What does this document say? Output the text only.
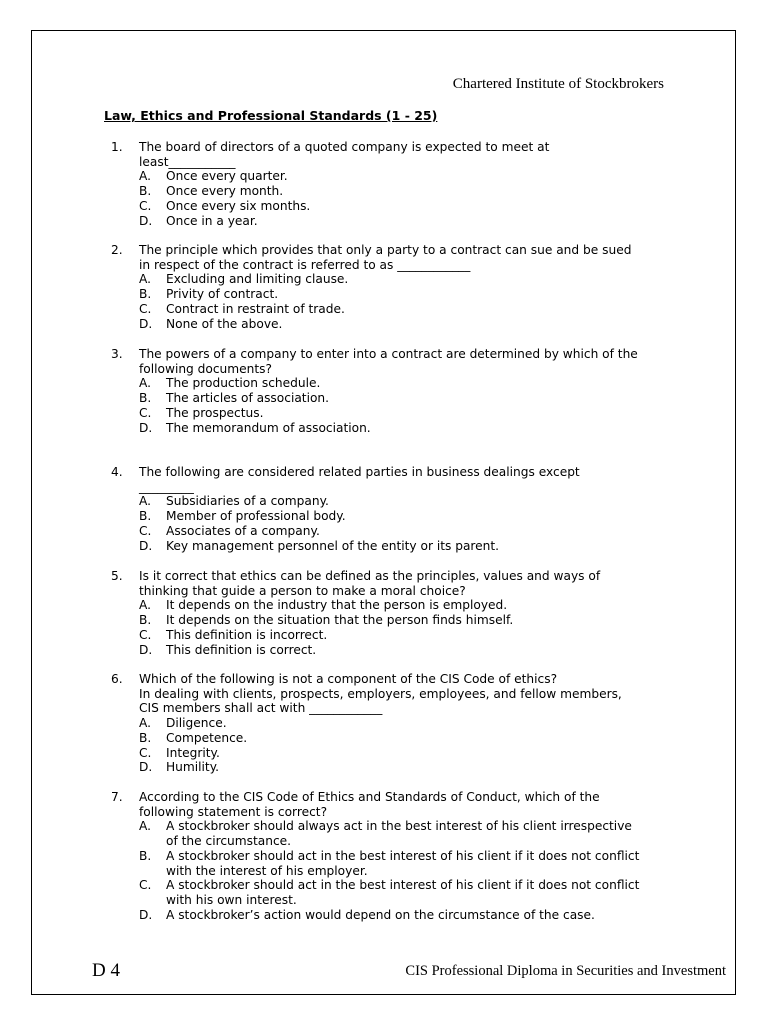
Chartered Institute of Stockbrokers
Law, Ethics and Professional Standards (1 - 25)
1.	The board of directors of a quoted company is expected to meet at
least___________
A.	Once every quarter.
B.	Once every month.
C.	Once every six months.
D.	Once in a year.
2.	The principle which provides that only a party to a contract can sue and be sued
in respect of the contract is referred to as ____________
A.	Excluding and limiting clause.
B.	Privity of contract.
C.	Contract in restraint of trade.
D.	None of the above.
3.	The powers of a company to enter into a contract are determined by which of the
following documents?
A.	The production schedule.
B.	The articles of association.
C.	The prospectus.
D.	The memorandum of association.
4.	The following are considered related parties in business dealings except
_________
A.	Subsidiaries of a company.
B.	Member of professional body.
C.	Associates of a company.
D.	Key management personnel of the entity or its parent.
5.	Is it correct that ethics can be defined as the principles, values and ways of
thinking that guide a person to make a moral choice?
A.	It depends on the industry that the person is employed.
B.	It depends on the situation that the person finds himself.
C.	This definition is incorrect.
D.	This definition is correct.
6.	Which of the following is not a component of the CIS Code of ethics?
In dealing with clients, prospects, employers, employees, and fellow members,
CIS members shall act with ____________
A.	Diligence.
B.	Competence.
C.	Integrity.
D.	Humility.
7.	According to the CIS Code of Ethics and Standards of Conduct, which of the
following statement is correct?
A.	A stockbroker should always act in the best interest of his client irrespective
of the circumstance.
B.	A stockbroker should act in the best interest of his client if it does not conflict
with the interest of his employer.
C.	A stockbroker should act in the best interest of his client if it does not conflict
with his own interest.
D.	A stockbroker’s action would depend on the circumstance of the case.
D 4	CIS Professional Diploma in Securities and Investment
